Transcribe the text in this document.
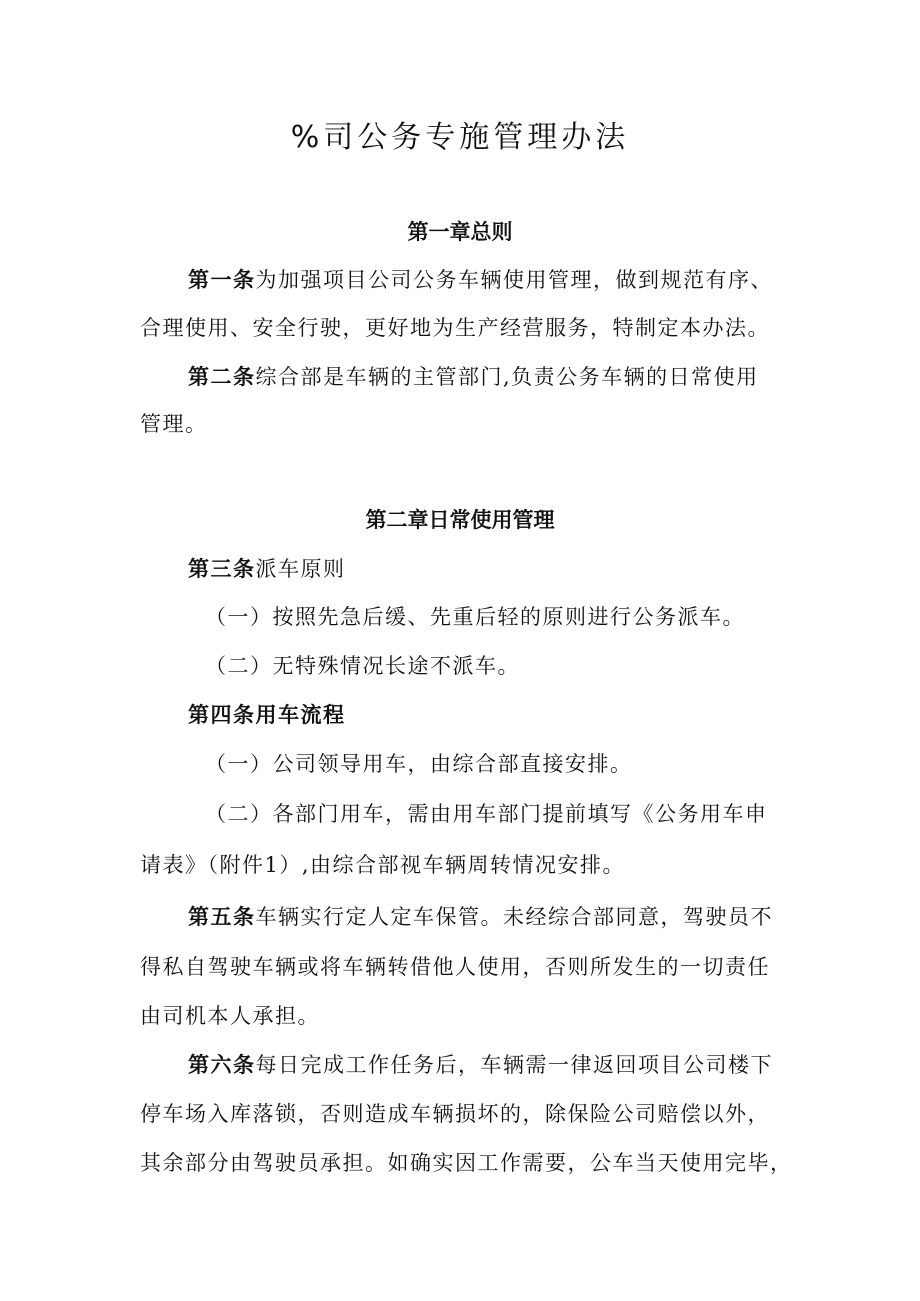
%司公务专施管理办法
第一章总则
第一条为加强项目公司公务车辆使用管理，做到规范有序、
合理使用、安全行驶，更好地为生产经营服务，特制定本办法。
第二条综合部是车辆的主管部门,负责公务车辆的日常使用
管理。
第二章日常使用管理
第三条派车原则
（一）按照先急后缓、先重后轻的原则进行公务派车。
（二）无特殊情况长途不派车。
第四条用车流程
（一）公司领导用车，由综合部直接安排。
（二）各部门用车，需由用车部门提前填写《公务用车申
请表》（附件1）,由综合部视车辆周转情况安排。
第五条车辆实行定人定车保管。未经综合部同意，驾驶员不
得私自驾驶车辆或将车辆转借他人使用，否则所发生的一切责任
由司机本人承担。
第六条每日完成工作任务后，车辆需一律返回项目公司楼下
停车场入库落锁，否则造成车辆损坏的，除保险公司赔偿以外，
其余部分由驾驶员承担。如确实因工作需要，公车当天使用完毕，
